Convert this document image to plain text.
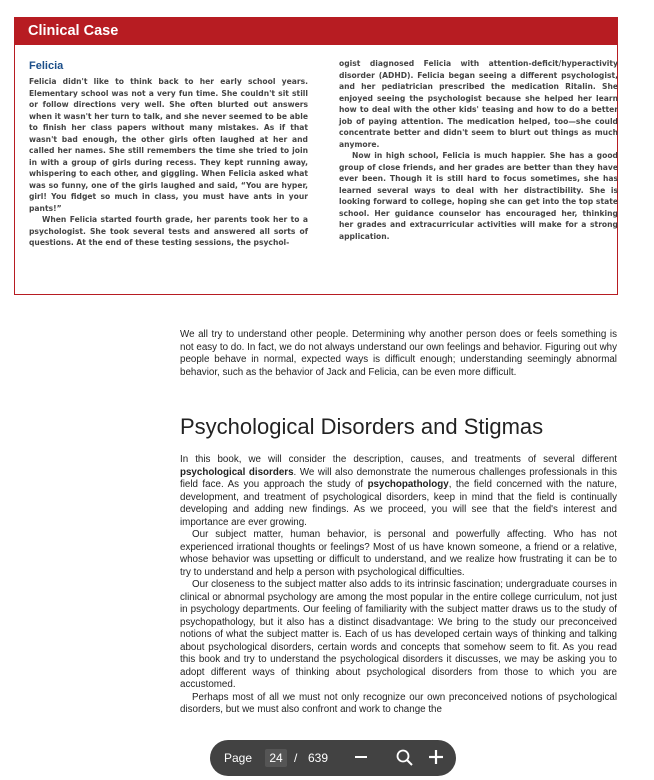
Clinical Case
Felicia

Felicia didn't like to think back to her early school years. Elementary school was not a very fun time. She couldn't sit still or follow directions very well. She often blurted out answers when it wasn't her turn to talk, and she never seemed to be able to finish her class papers without many mistakes. As if that wasn't bad enough, the other girls often laughed at her and called her names. She still remembers the time she tried to join in with a group of girls during recess. They kept running away, whispering to each other, and giggling. When Felicia asked what was so funny, one of the girls laughed and said, “You are hyper, girl! You fidget so much in class, you must have ants in your pants!”

When Felicia started fourth grade, her parents took her to a psychologist. She took several tests and answered all sorts of questions. At the end of these testing sessions, the psychol-

ogist diagnosed Felicia with attention-deficit/hyperactivity disorder (ADHD). Felicia began seeing a different psychologist, and her pediatrician prescribed the medication Ritalin. She enjoyed seeing the psychologist because she helped her learn how to deal with the other kids' teasing and how to do a better job of paying attention. The medication helped, too—she could concentrate better and didn't seem to blurt out things as much anymore.

Now in high school, Felicia is much happier. She has a good group of close friends, and her grades are better than they have ever been. Though it is still hard to focus sometimes, she has learned several ways to deal with her distractibility. She is looking forward to college, hoping she can get into the top state school. Her guidance counselor has encouraged her, thinking her grades and extracurricular activities will make for a strong application.

We all try to understand other people. Determining why another person does or feels something is not easy to do. In fact, we do not always understand our own feelings and behavior. Figuring out why people behave in normal, expected ways is difficult enough; understanding seemingly abnormal behavior, such as the behavior of Jack and Felicia, can be even more difficult.

Psychological Disorders and Stigmas

In this book, we will consider the description, causes, and treatments of several different psychological disorders. We will also demonstrate the numerous challenges professionals in this field face. As you approach the study of psychopathology, the field concerned with the nature, development, and treatment of psychological disorders, keep in mind that the field is continually developing and adding new findings. As we proceed, you will see that the field's interest and importance are ever growing.

Our subject matter, human behavior, is personal and powerfully affecting. Who has not experienced irrational thoughts or feelings? Most of us have known someone, a friend or a relative, whose behavior was upsetting or difficult to understand, and we realize how frustrating it can be to try to understand and help a person with psychological difficulties.

Our closeness to the subject matter also adds to its intrinsic fascination; undergraduate courses in clinical or abnormal psychology are among the most popular in the entire college curriculum, not just in psychology departments. Our feeling of familiarity with the subject matter draws us to the study of psychopathology, but it also has a distinct disadvantage: We bring to the study our preconceived notions of what the subject matter is. Each of us has developed certain ways of thinking and talking about psychological disorders, certain words and concepts that somehow seem to fit. As you read this book and try to understand the psychological disorders it discusses, we may be asking you to adopt different ways of thinking about psychological disorders from those to which you are accustomed.

Perhaps most of all we must not only recognize our own preconceived notions of psychological disorders, but we must also confront and work to change the

Page	24 / 639
